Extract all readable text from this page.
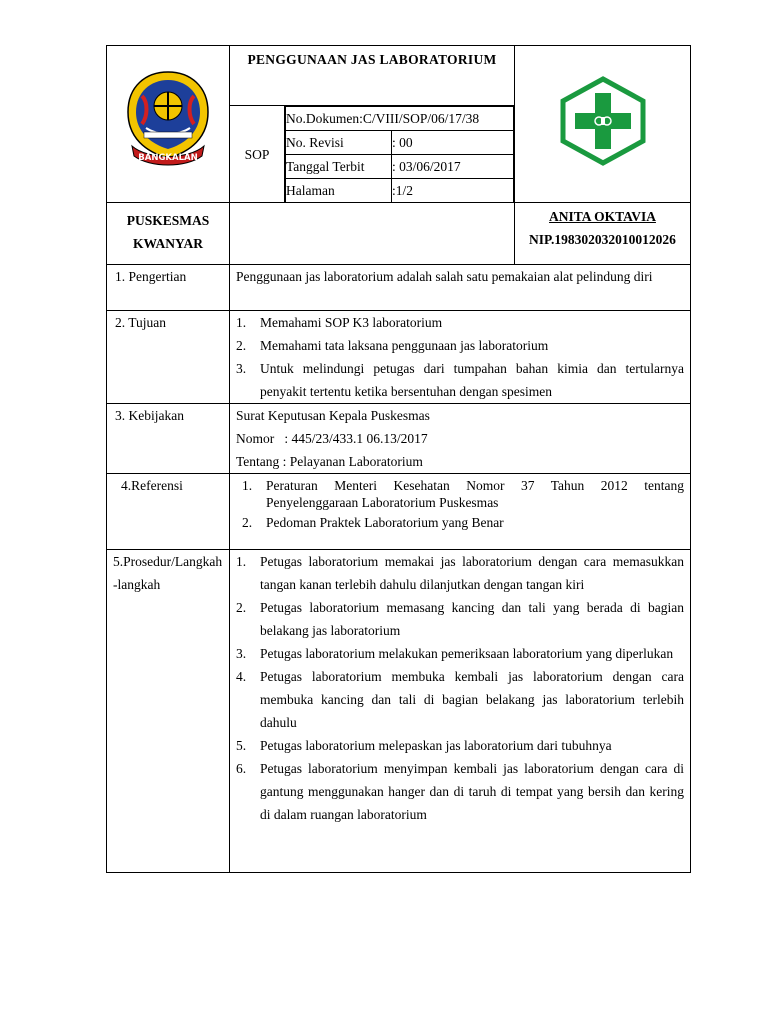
BANGKALAN
	PENGGUNAAN JAS LABORATORIUM	
SOP	
No.Dokumen:C/VIII/SOP/06/17/38
No. Revisi	: 00
Tanggal Terbit	: 03/06/2017
Halaman	:1/2

PUSKESMAS
KWANYAR

ANITA OKTAVIA
NIP.198302032010012026

1. Pengertian	Penggunaan jas laboratorium adalah salah satu pemakaian alat pelindung diri
2. Tujuan	1. Memahami SOP K3 laboratorium
2. Memahami tata laksana penggunaan jas laboratorium
3. Untuk melindungi petugas dari tumpahan bahan kimia dan tertularnya penyakit tertentu ketika bersentuhan dengan spesimen

3. Kebijakan	Surat Keputusan Kepala Puskesmas
Nomor   : 445/23/433.1 06.13/2017
Tentang : Pelayanan Laboratorium

4.Referensi	1. Peraturan Menteri Kesehatan Nomor 37 Tahun 2012 tentang Penyelenggaraan Laboratorium Puskesmas
2. Pedoman Praktek Laboratorium yang Benar

5.Prosedur/Langkah-langkah	
1. Petugas laboratorium memakai jas laboratorium dengan cara memasukkan tangan kanan terlebih dahulu dilanjutkan dengan tangan kiri
2. Petugas laboratorium memasang kancing dan tali yang berada di bagian belakang jas laboratorium
3. Petugas laboratorium melakukan pemeriksaan laboratorium yang diperlukan
4. Petugas laboratorium membuka kembali jas laboratorium dengan cara membuka kancing dan tali di bagian belakang jas laboratorium terlebih dahulu
5. Petugas laboratorium melepaskan jas laboratorium dari tubuhnya
6. Petugas laboratorium menyimpan kembali jas laboratorium dengan cara di gantung menggunakan hanger dan di taruh di tempat yang bersih dan kering di dalam ruangan laboratorium
